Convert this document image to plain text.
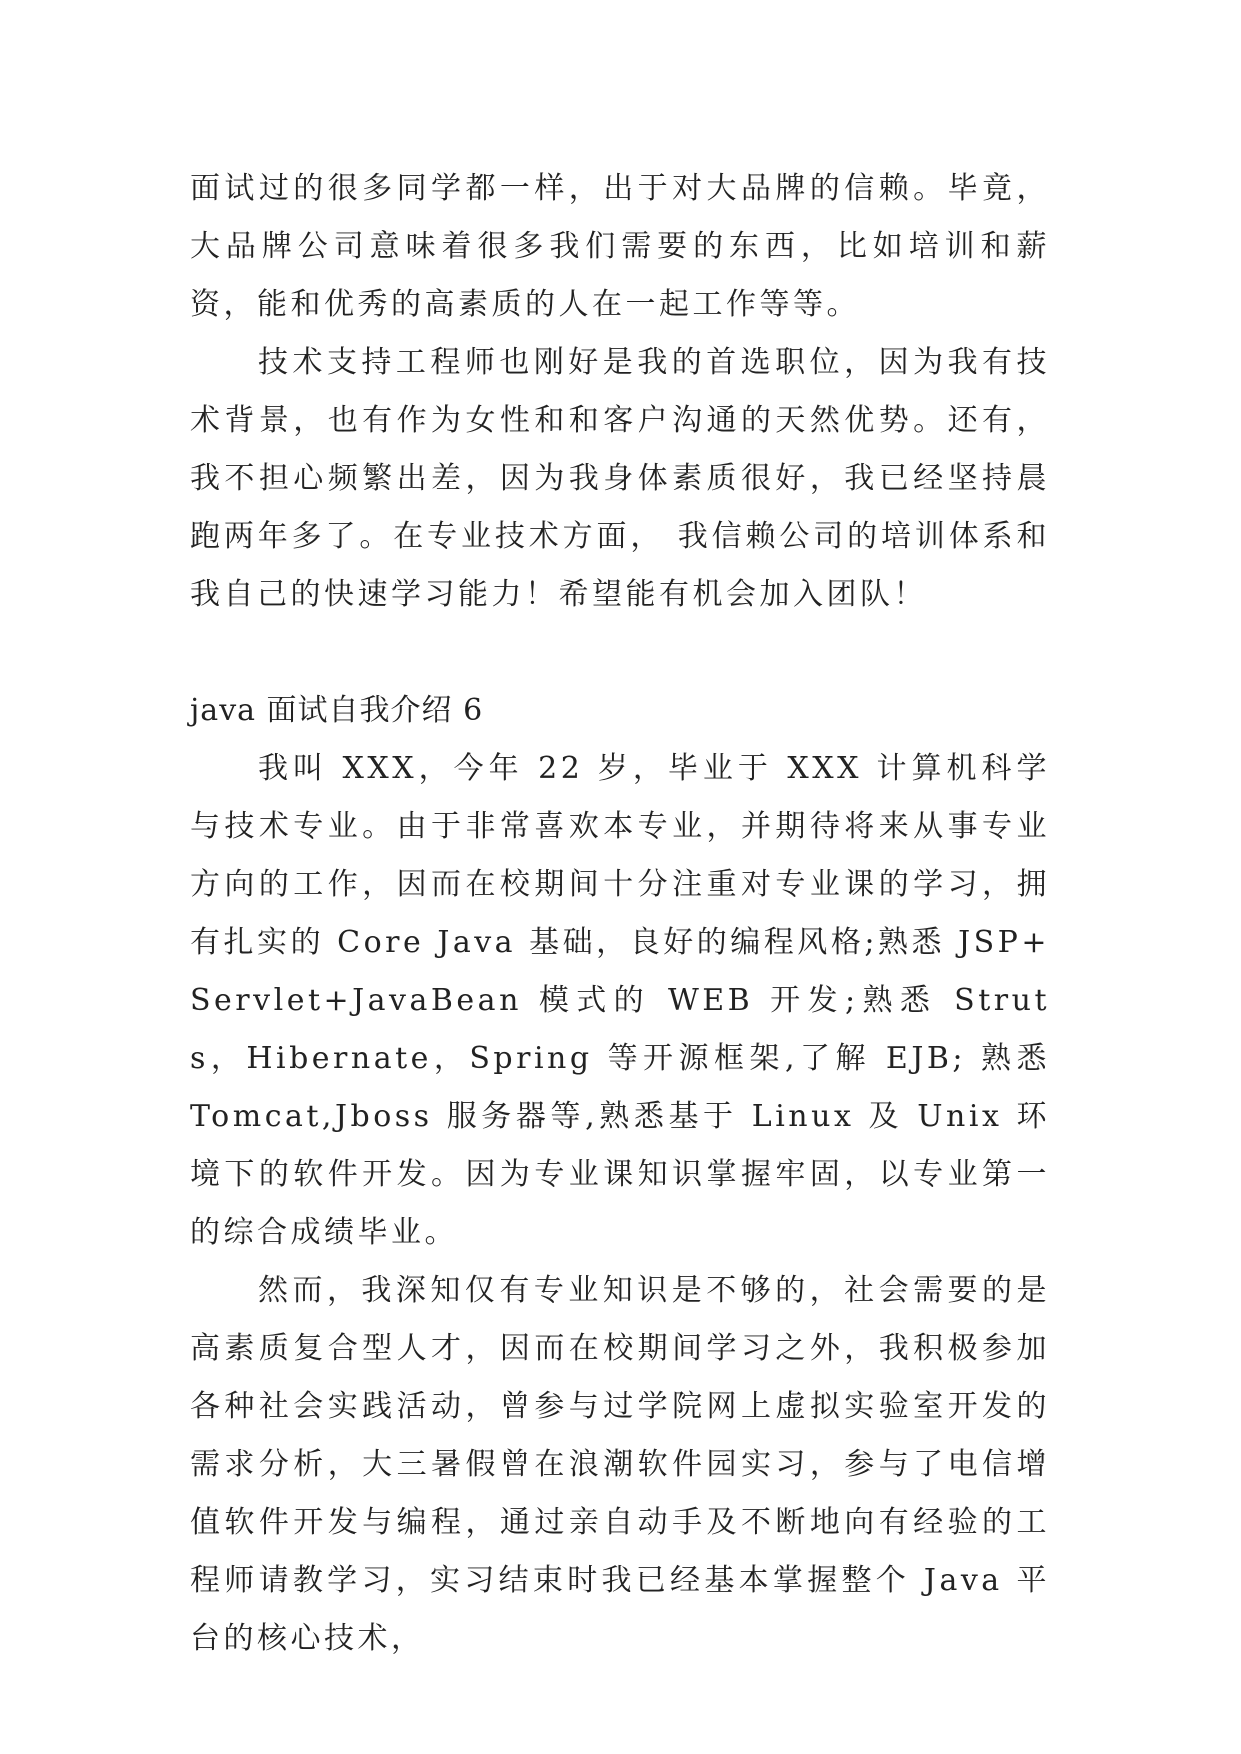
面试过的很多同学都一样，出于对大品牌的信赖。毕竟，大品牌公司意味着很多我们需要的东西，比如培训和薪资，能和优秀的高素质的人在一起工作等等。

技术支持工程师也刚好是我的首选职位，因为我有技术背景，也有作为女性和和客户沟通的天然优势。还有，我不担心频繁出差，因为我身体素质很好，我已经坚持晨跑两年多了。在专业技术方面， 我信赖公司的培训体系和我自己的快速学习能力！希望能有机会加入团队！

java 面试自我介绍 6

我叫 XXX，今年 22 岁，毕业于 XXX 计算机科学与技术专业。由于非常喜欢本专业，并期待将来从事专业方向的工作，因而在校期间十分注重对专业课的学习，拥有扎实的 Core Java 基础，良好的编程风格;熟悉 JSP+Servlet+JavaBean 模式的 WEB 开发;熟悉 Struts，Hibernate，Spring 等开源框架,了解 EJB; 熟悉 Tomcat,Jboss 服务器等,熟悉基于 Linux 及 Unix 环境下的软件开发。因为专业课知识掌握牢固，以专业第一的综合成绩毕业。

然而，我深知仅有专业知识是不够的，社会需要的是高素质复合型人才，因而在校期间学习之外，我积极参加各种社会实践活动，曾参与过学院网上虚拟实验室开发的需求分析，大三暑假曾在浪潮软件园实习，参与了电信增值软件开发与编程，通过亲自动手及不断地向有经验的工程师请教学习，实习结束时我已经基本掌握整个 Java 平台的核心技术，
